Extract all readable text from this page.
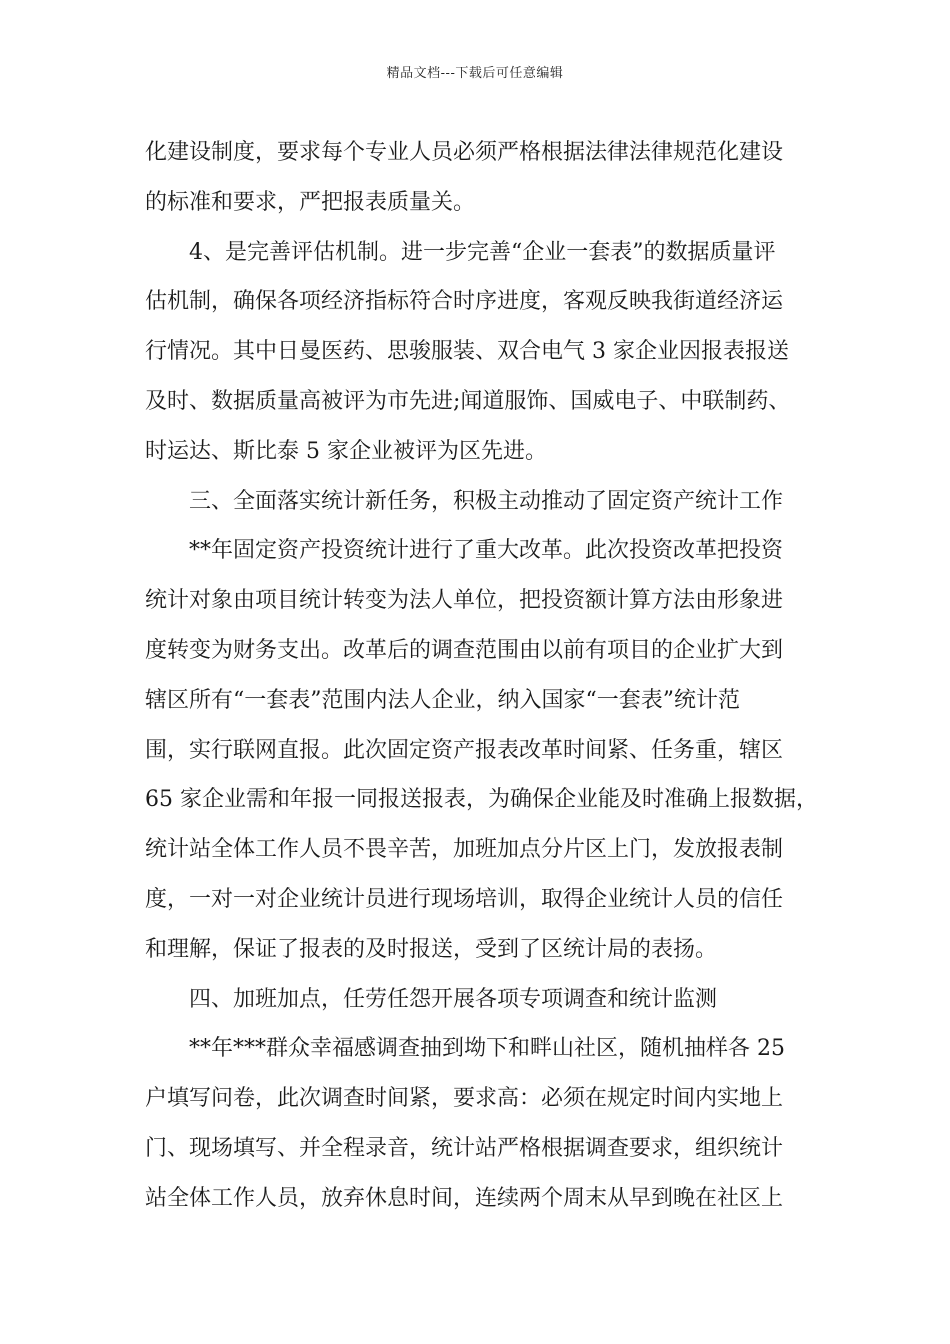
精品文档---下载后可任意编辑
化建设制度，要求每个专业人员必须严格根据法律法律规范化建设
的标准和要求，严把报表质量关。
4、是完善评估机制。进一步完善“企业一套表”的数据质量评
估机制，确保各项经济指标符合时序进度，客观反映我街道经济运
行情况。其中日曼医药、思骏服装、双合电气 3 家企业因报表报送
及时、数据质量高被评为市先进;闻道服饰、国威电子、中联制药、
时运达、斯比泰 5 家企业被评为区先进。
三、全面落实统计新任务，积极主动推动了固定资产统计工作
**年固定资产投资统计进行了重大改革。此次投资改革把投资
统计对象由项目统计转变为法人单位，把投资额计算方法由形象进
度转变为财务支出。改革后的调查范围由以前有项目的企业扩大到
辖区所有“一套表”范围内法人企业，纳入国家“一套表”统计范
围，实行联网直报。此次固定资产报表改革时间紧、任务重，辖区
65 家企业需和年报一同报送报表，为确保企业能及时准确上报数据，
统计站全体工作人员不畏辛苦，加班加点分片区上门，发放报表制
度，一对一对企业统计员进行现场培训，取得企业统计人员的信任
和理解，保证了报表的及时报送，受到了区统计局的表扬。
四、加班加点，任劳任怨开展各项专项调查和统计监测
**年***群众幸福感调查抽到坳下和畔山社区，随机抽样各 25
户填写问卷，此次调查时间紧，要求高：必须在规定时间内实地上
门、现场填写、并全程录音，统计站严格根据调查要求，组织统计
站全体工作人员，放弃休息时间，连续两个周末从早到晚在社区上
